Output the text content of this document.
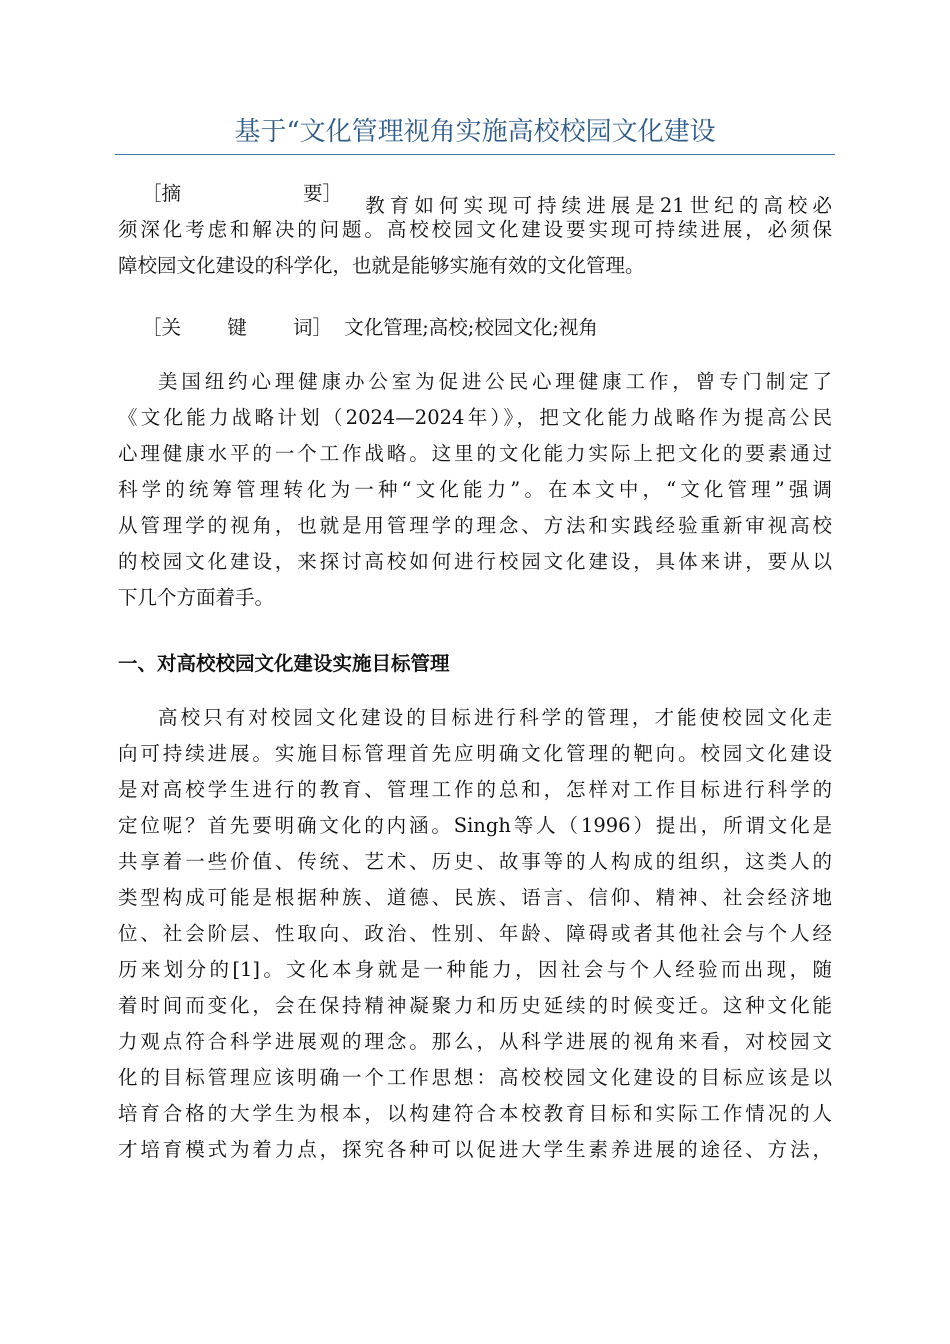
基于“文化管理视角实施高校校园文化建设
［摘	要］
教育如何实现可持续进展是21世纪的高校必
须深化考虑和解决的问题。高校校园文化建设要实现可持续进展，必须保
障校园文化建设的科学化，也就是能够实施有效的文化管理。
［关 键 词］ 文化管理;高校;校园文化;视角
美国纽约心理健康办公室为促进公民心理健康工作，曾专门制定了
《文化能力战略计划（2024—2024年）》，把文化能力战略作为提高公民
心理健康水平的一个工作战略。这里的文化能力实际上把文化的要素通过
科学的统筹管理转化为一种“文化能力”。在本文中，“文化管理”强调
从管理学的视角，也就是用管理学的理念、方法和实践经验重新审视高校
的校园文化建设，来探讨高校如何进行校园文化建设，具体来讲，要从以
下几个方面着手。
一、对高校校园文化建设实施目标管理
高校只有对校园文化建设的目标进行科学的管理，才能使校园文化走
向可持续进展。实施目标管理首先应明确文化管理的靶向。校园文化建设
是对高校学生进行的教育、管理工作的总和，怎样对工作目标进行科学的
定位呢？首先要明确文化的内涵。Singh等人（1996）提出，所谓文化是
共享着一些价值、传统、艺术、历史、故事等的人构成的组织，这类人的
类型构成可能是根据种族、道德、民族、语言、信仰、精神、社会经济地
位、社会阶层、性取向、政治、性别、年龄、障碍或者其他社会与个人经
历来划分的[1]。文化本身就是一种能力，因社会与个人经验而出现，随
着时间而变化，会在保持精神凝聚力和历史延续的时候变迁。这种文化能
力观点符合科学进展观的理念。那么，从科学进展的视角来看，对校园文
化的目标管理应该明确一个工作思想：高校校园文化建设的目标应该是以
培育合格的大学生为根本，以构建符合本校教育目标和实际工作情况的人
才培育模式为着力点，探究各种可以促进大学生素养进展的途径、方法，
